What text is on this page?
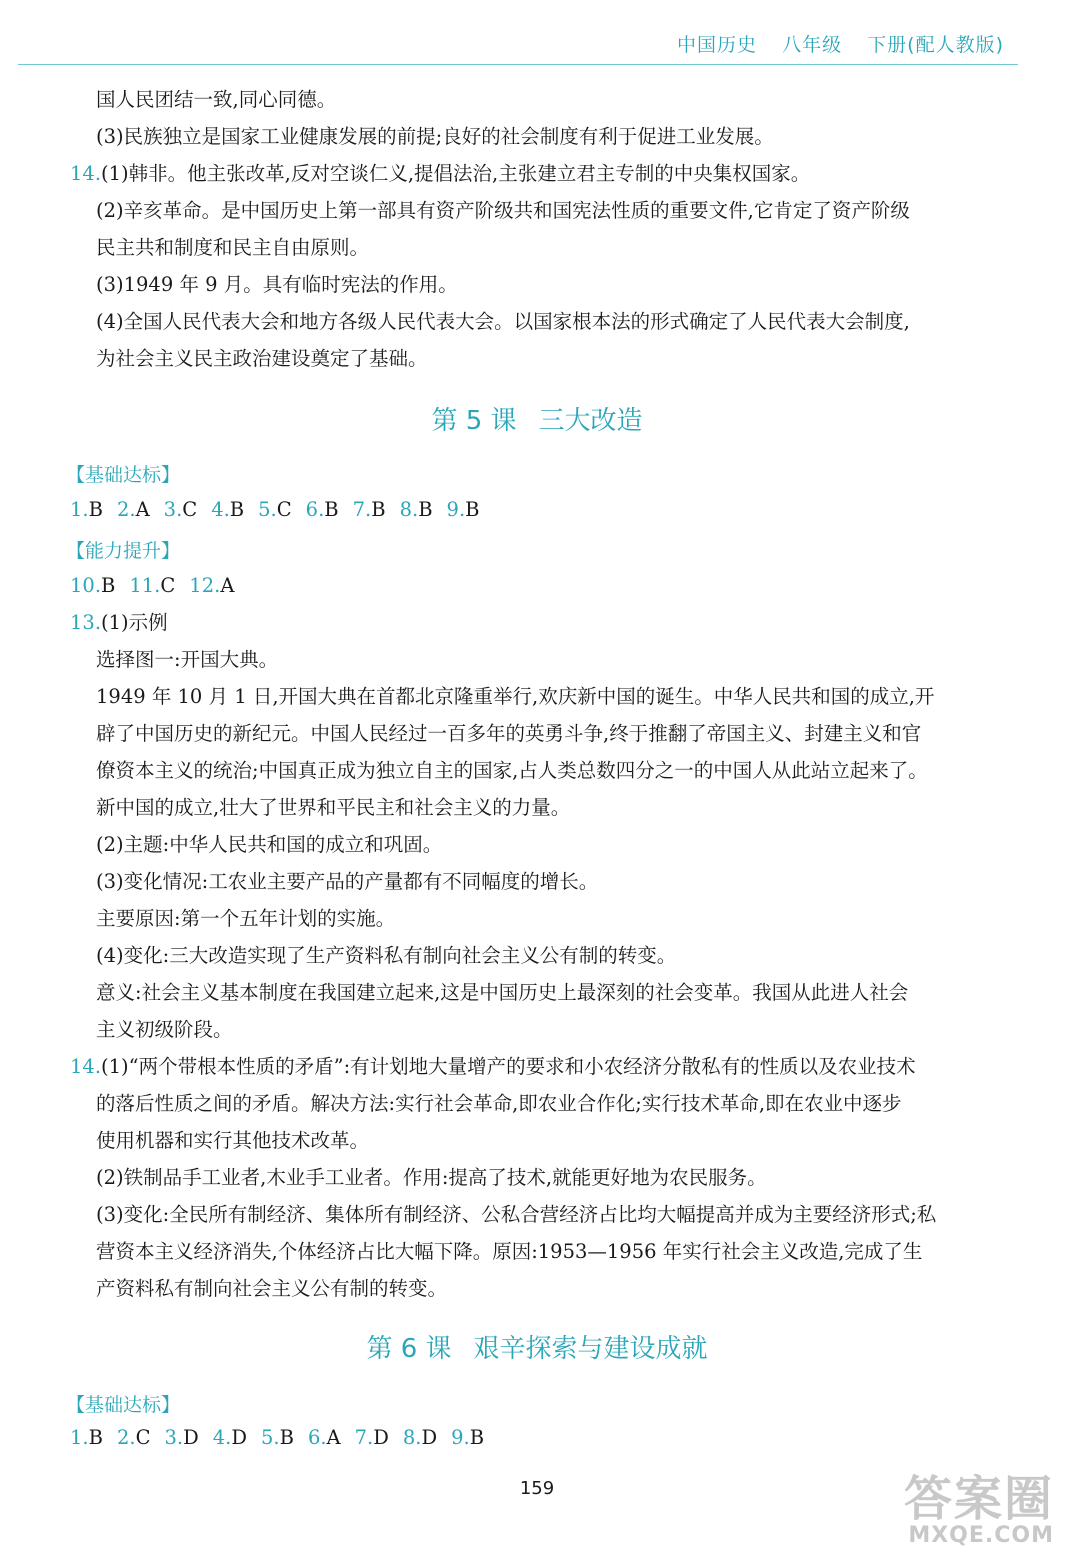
中国历史 八年级 下册(配人教版)
国人民团结一致,同心同德。
(3)民族独立是国家工业健康发展的前提;良好的社会制度有利于促进工业发展。
14.(1)韩非。他主张改革,反对空谈仁义,提倡法治,主张建立君主专制的中央集权国家。
(2)辛亥革命。是中国历史上第一部具有资产阶级共和国宪法性质的重要文件,它肯定了资产阶级
民主共和制度和民主自由原则。
(3)1949 年 9 月。具有临时宪法的作用。
(4)全国人民代表大会和地方各级人民代表大会。以国家根本法的形式确定了人民代表大会制度,
为社会主义民主政治建设奠定了基础。
第 5 课 三大改造
【基础达标】
1.B 2.A 3.C 4.B 5.C 6.B 7.B 8.B 9.B
【能力提升】
10.B 11.C 12.A
13.(1)示例
选择图一:开国大典。
1949 年 10 月 1 日,开国大典在首都北京隆重举行,欢庆新中国的诞生。中华人民共和国的成立,开
辟了中国历史的新纪元。中国人民经过一百多年的英勇斗争,终于推翻了帝国主义、封建主义和官
僚资本主义的统治;中国真正成为独立自主的国家,占人类总数四分之一的中国人从此站立起来了。
新中国的成立,壮大了世界和平民主和社会主义的力量。
(2)主题:中华人民共和国的成立和巩固。
(3)变化情况:工农业主要产品的产量都有不同幅度的增长。
主要原因:第一个五年计划的实施。
(4)变化:三大改造实现了生产资料私有制向社会主义公有制的转变。
意义:社会主义基本制度在我国建立起来,这是中国历史上最深刻的社会变革。我国从此进人社会
主义初级阶段。
14.(1)“两个带根本性质的矛盾”:有计划地大量增产的要求和小农经济分散私有的性质以及农业技术
的落后性质之间的矛盾。解决方法:实行社会革命,即农业合作化;实行技术革命,即在农业中逐步
使用机器和实行其他技术改革。
(2)铁制品手工业者,木业手工业者。作用:提高了技术,就能更好地为农民服务。
(3)变化:全民所有制经济、集体所有制经济、公私合营经济占比均大幅提高并成为主要经济形式;私
营资本主义经济消失,个体经济占比大幅下降。原因:1953—1956 年实行社会主义改造,完成了生
产资料私有制向社会主义公有制的转变。
第 6 课 艰辛探索与建设成就
【基础达标】
1.B 2.C 3.D 4.D 5.B 6.A 7.D 8.D 9.B
159	答案圈
MXQE.COM
